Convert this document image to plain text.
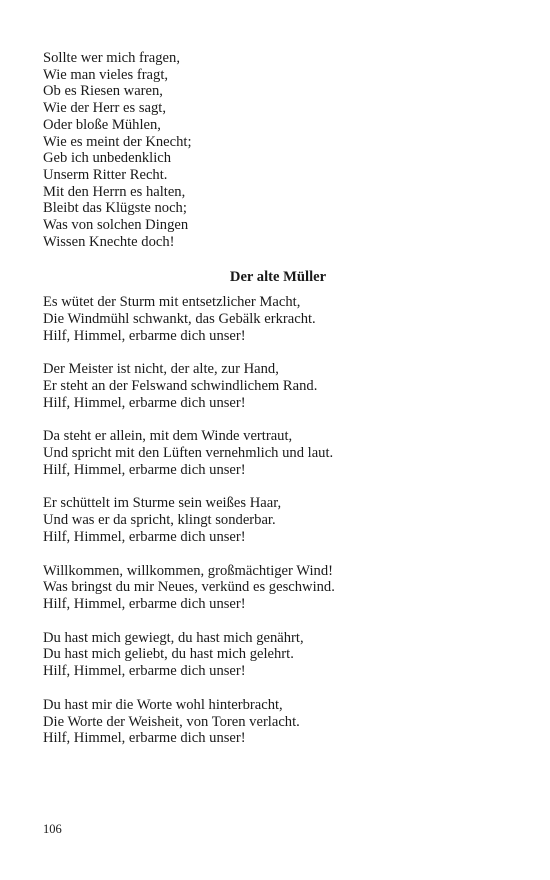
Sollte wer mich fragen,
Wie man vieles fragt,
Ob es Riesen waren,
Wie der Herr es sagt,
Oder bloße Mühlen,
Wie es meint der Knecht;
Geb ich unbedenklich
Unserm Ritter Recht.
Mit den Herrn es halten,
Bleibt das Klügste noch;
Was von solchen Dingen
Wissen Knechte doch!
Der alte Müller
Es wütet der Sturm mit entsetzlicher Macht,
Die Windmühl schwankt, das Gebälk erkracht.
Hilf, Himmel, erbarme dich unser!
Der Meister ist nicht, der alte, zur Hand,
Er steht an der Felswand schwindlichem Rand.
Hilf, Himmel, erbarme dich unser!
Da steht er allein, mit dem Winde vertraut,
Und spricht mit den Lüften vernehmlich und laut.
Hilf, Himmel, erbarme dich unser!
Er schüttelt im Sturme sein weißes Haar,
Und was er da spricht, klingt sonderbar.
Hilf, Himmel, erbarme dich unser!
Willkommen, willkommen, großmächtiger Wind!
Was bringst du mir Neues, verkünd es geschwind.
Hilf, Himmel, erbarme dich unser!
Du hast mich gewiegt, du hast mich genährt,
Du hast mich geliebt, du hast mich gelehrt.
Hilf, Himmel, erbarme dich unser!
Du hast mir die Worte wohl hinterbracht,
Die Worte der Weisheit, von Toren verlacht.
Hilf, Himmel, erbarme dich unser!
106
